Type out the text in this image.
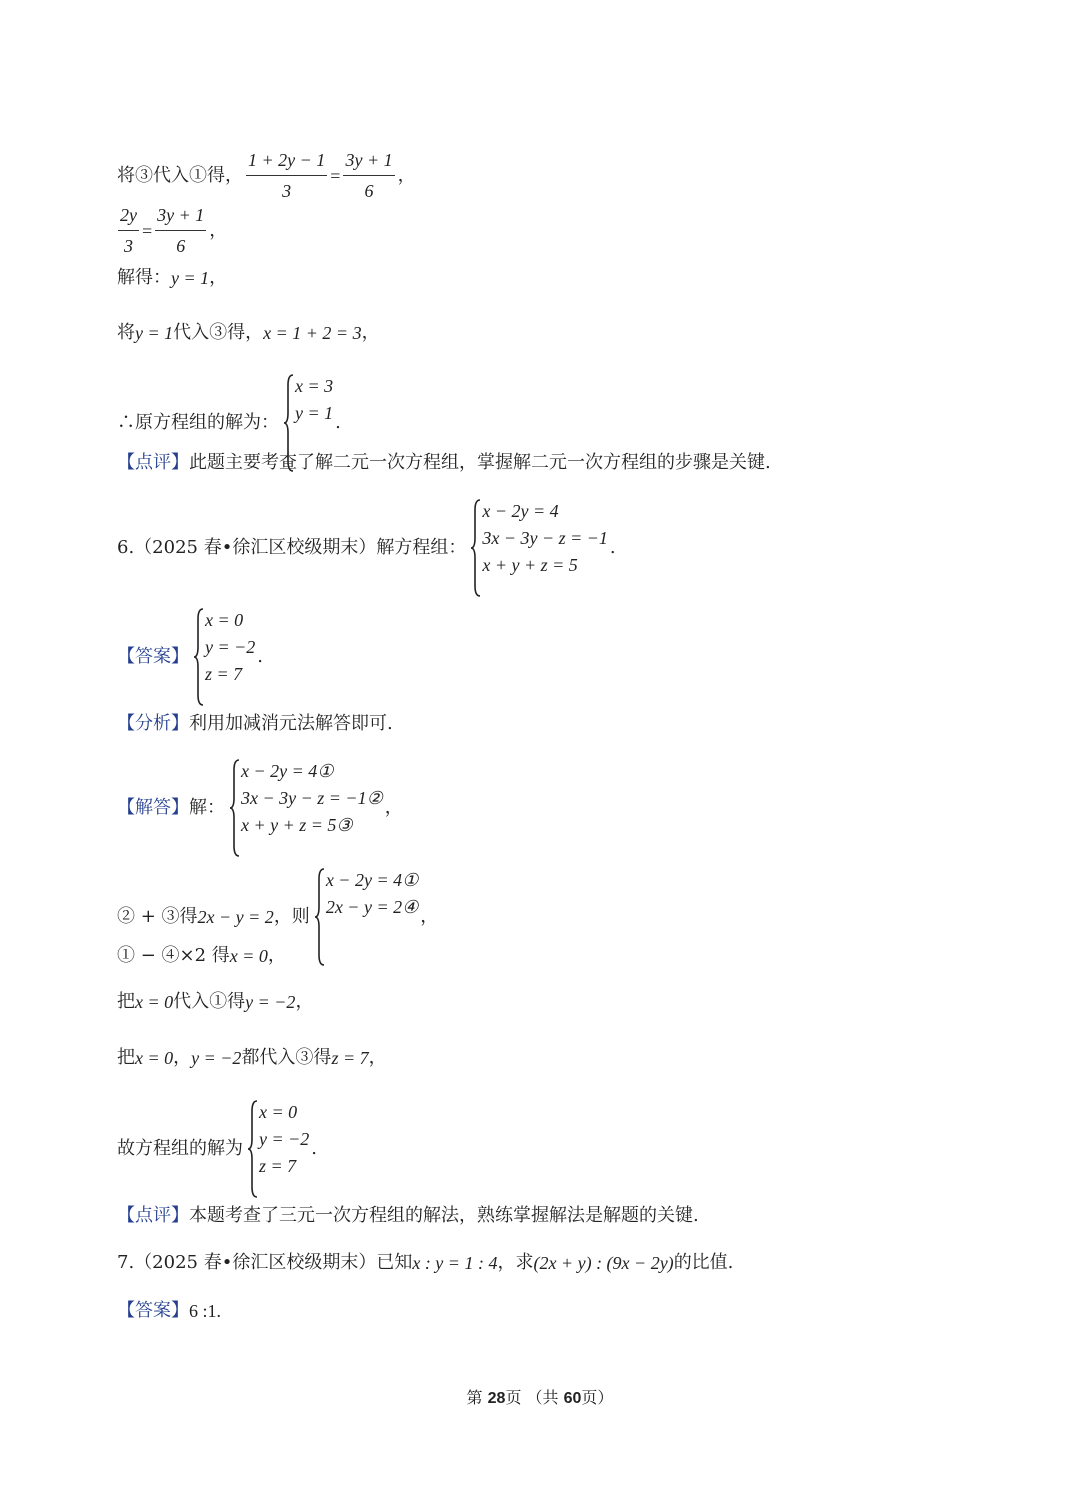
将③代入①得， $\frac{1 + 2y - 1}{3} = \frac{3y + 1}{6}$ ，
$\frac{2y}{3} = \frac{3y + 1}{6}$ ，
解得： y = 1 ，
将 y = 1 代入③得， x = 1 + 2 = 3 ，
∴原方程组的解为：
x = 3
y = 1 .
【点评】 此题主要考查了解二元一次方程组，掌握解二元一次方程组的步骤是关键.
6.（2025 春•徐汇区校级期末）解方程组：
x − 2y = 4
3x − 3y − z = −1
x + y + z = 5
.
【答案】
x = 0
y = −2
z = 7
.
【分析】 利用加减消元法解答即可.
【解答】 解：
x − 2y = 4①
3x − 3y − z = −1②
x + y + z = 5③
，
② + ③得 2x − y = 2 ，则
x − 2y = 4①
2x − y = 2④ ，
① − ④×2 得 x = 0 ，
把 x = 0 代入①得 y = −2 ，
把 x = 0 ， y = −2 都代入③得 z = 7 ，
故方程组的解为
x = 0
y = −2
z = 7
.
【点评】 本题考查了三元一次方程组的解法，熟练掌握解法是解题的关键.
7.（2025 春•徐汇区校级期末）已知 x : y = 1 : 4 ，求 (2x + y) : (9x − 2y) 的比值.
【答案】 6 :1.
第 28页 （共 60页）
